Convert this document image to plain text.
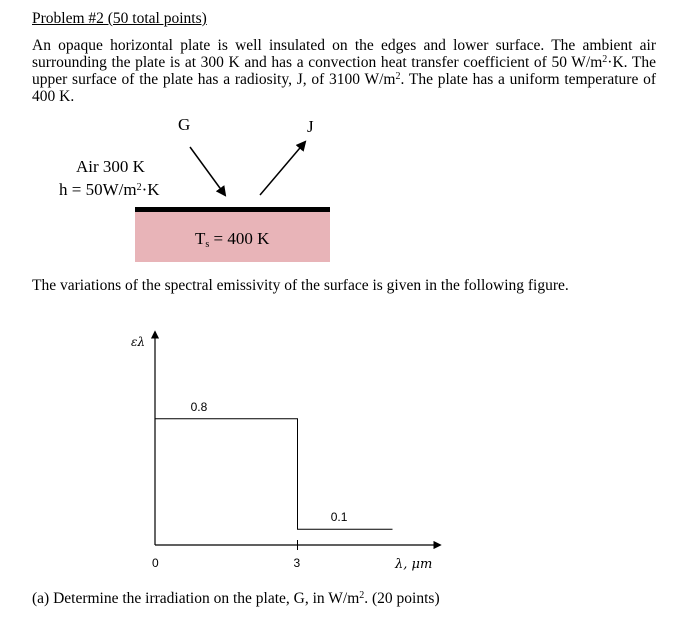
Problem #2 (50 total points)
An opaque horizontal plate is well insulated on the edges and lower surface. The ambient air
surrounding the plate is at 300 K and has a convection heat transfer coefficient of 50 $W/m^2\cdot K$. The
upper surface of the plate has a radiosity, J, of 3100 $W/m^2$. The plate has a uniform temperature of
400 K.
G	J
Air 300 K
$h = 50W/m^2\cdot K$
$T_s = 400$ K
The variations of the spectral emissivity of the surface is given in the following figure.
ελ
λ, μm
0.8
0.1
0	3
(a) Determine the irradiation on the plate, G, in $W/m^2$. (20 points)
